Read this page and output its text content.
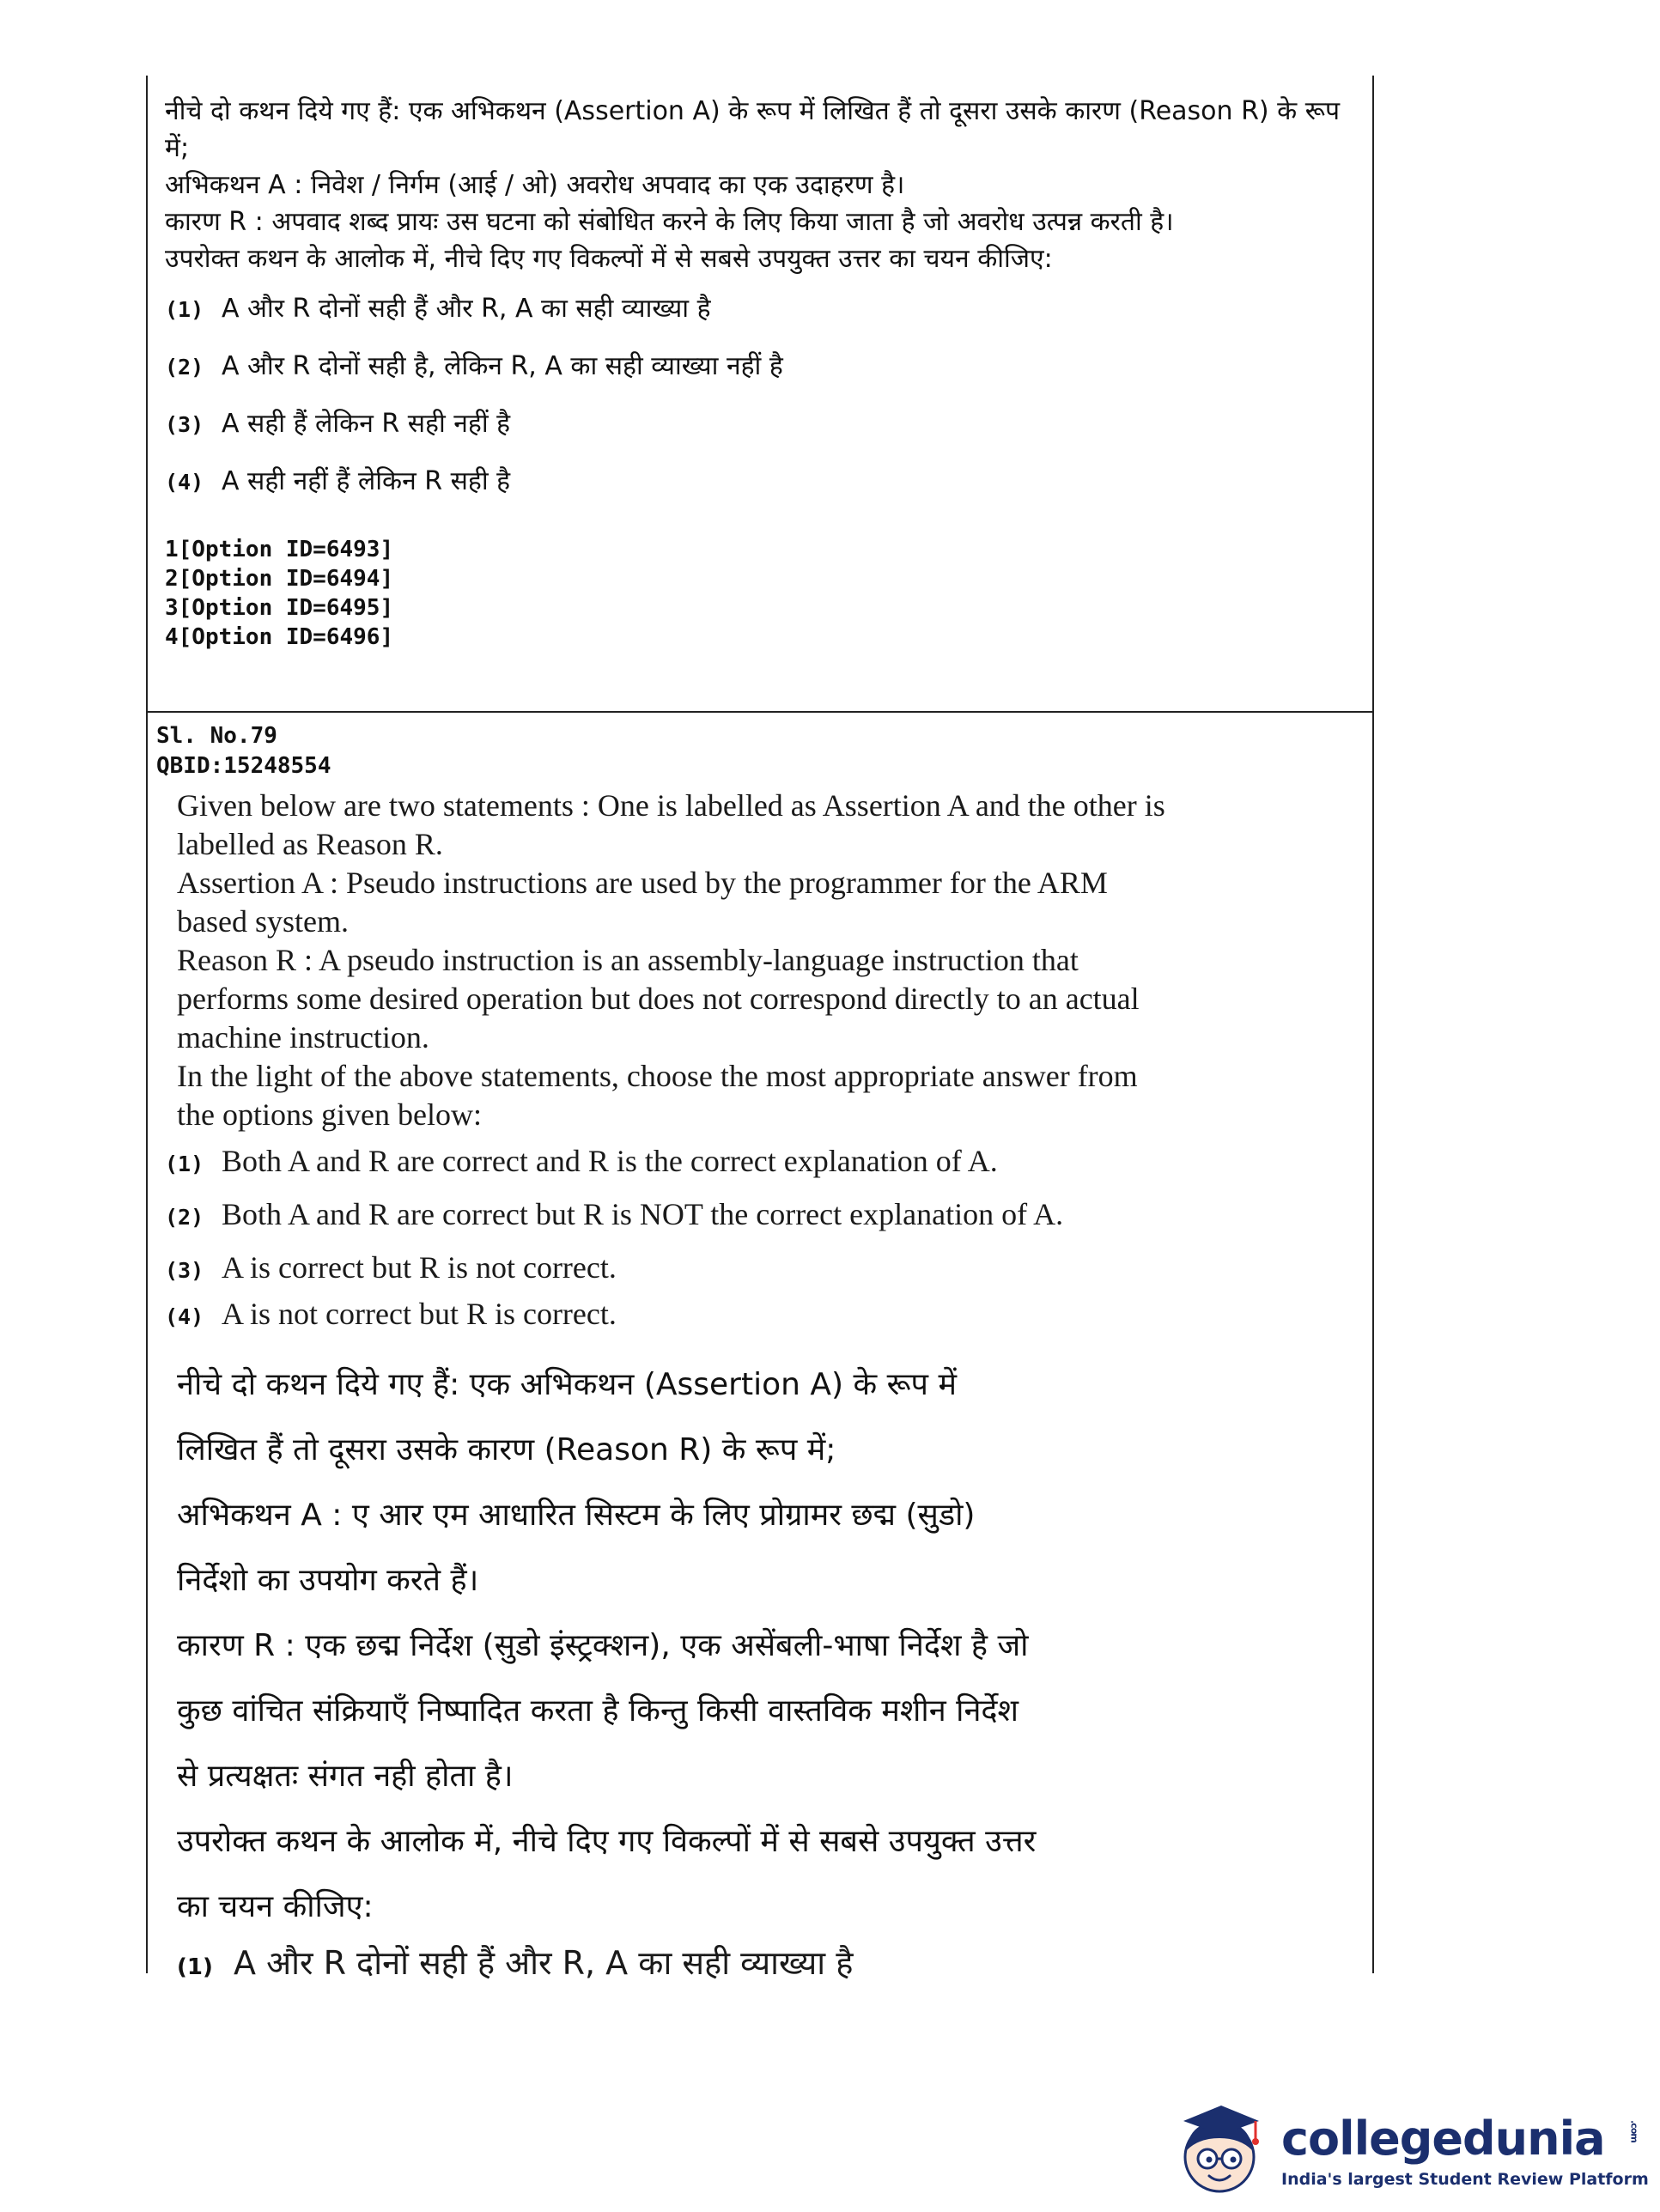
नीचे दो कथन दिये गए हैं: एक अभिकथन (Assertion A) के रूप में लिखित हैं तो दूसरा उसके कारण (Reason R) के रूप में;

अभिकथन A : निवेश / निर्गम (आई / ओ) अवरोध अपवाद का एक उदाहरण है।

कारण R : अपवाद शब्द प्रायः उस घटना को संबोधित करने के लिए किया जाता है जो अवरोध उत्पन्न करती है।

उपरोक्त कथन के आलोक में, नीचे दिए गए विकल्पों में से सबसे उपयुक्त उत्तर का चयन कीजिए:

(1) A और R दोनों सही हैं और R, A का सही व्याख्या है
(2) A और R दोनों सही है, लेकिन R, A का सही व्याख्या नहीं है
(3) A सही हैं लेकिन R सही नहीं है
(4) A सही नहीं हैं लेकिन R सही है
1[Option ID=6493]
2[Option ID=6494]
3[Option ID=6495]
4[Option ID=6496]

Sl. No.79

QBID:15248554

Given below are two statements : One is labelled as Assertion A and the other is
labelled as Reason R.
Assertion A : Pseudo instructions are used by the programmer for the ARM
based system.
Reason R : A pseudo instruction is an assembly-language instruction that
performs some desired operation but does not correspond directly to an actual
machine instruction.
In the light of the above statements, choose the most appropriate answer from
the options given below:
(1) Both A and R are correct and R is the correct explanation of A.
(2) Both A and R are correct but R is NOT the correct explanation of A.
(3) A is correct but R is not correct.
(4) A is not correct but R is correct.
नीचे दो कथन दिये गए हैं: एक अभिकथन (Assertion A) के रूप में
लिखित हैं तो दूसरा उसके कारण (Reason R) के रूप में;
अभिकथन A : ए आर एम आधारित सिस्टम के लिए प्रोग्रामर छद्म (सुडो)
निर्देशो का उपयोग करते हैं।
कारण R : एक छद्म निर्देश (सुडो इंस्ट्रक्शन), एक असेंबली-भाषा निर्देश है जो
कुछ वांचित संक्रियाएँ निष्पादित करता है किन्तु किसी वास्तविक मशीन निर्देश
से प्रत्यक्षतः संगत नही हाेता है।
उपरोक्त कथन के आलोक में, नीचे दिए गए विकल्पों में से सबसे उपयुक्त उत्तर
का चयन कीजिए:
(1) A और R दोनों सही हैं और R, A का सही व्याख्या है
collegedunia	.com
India's largest Student Review Platform
